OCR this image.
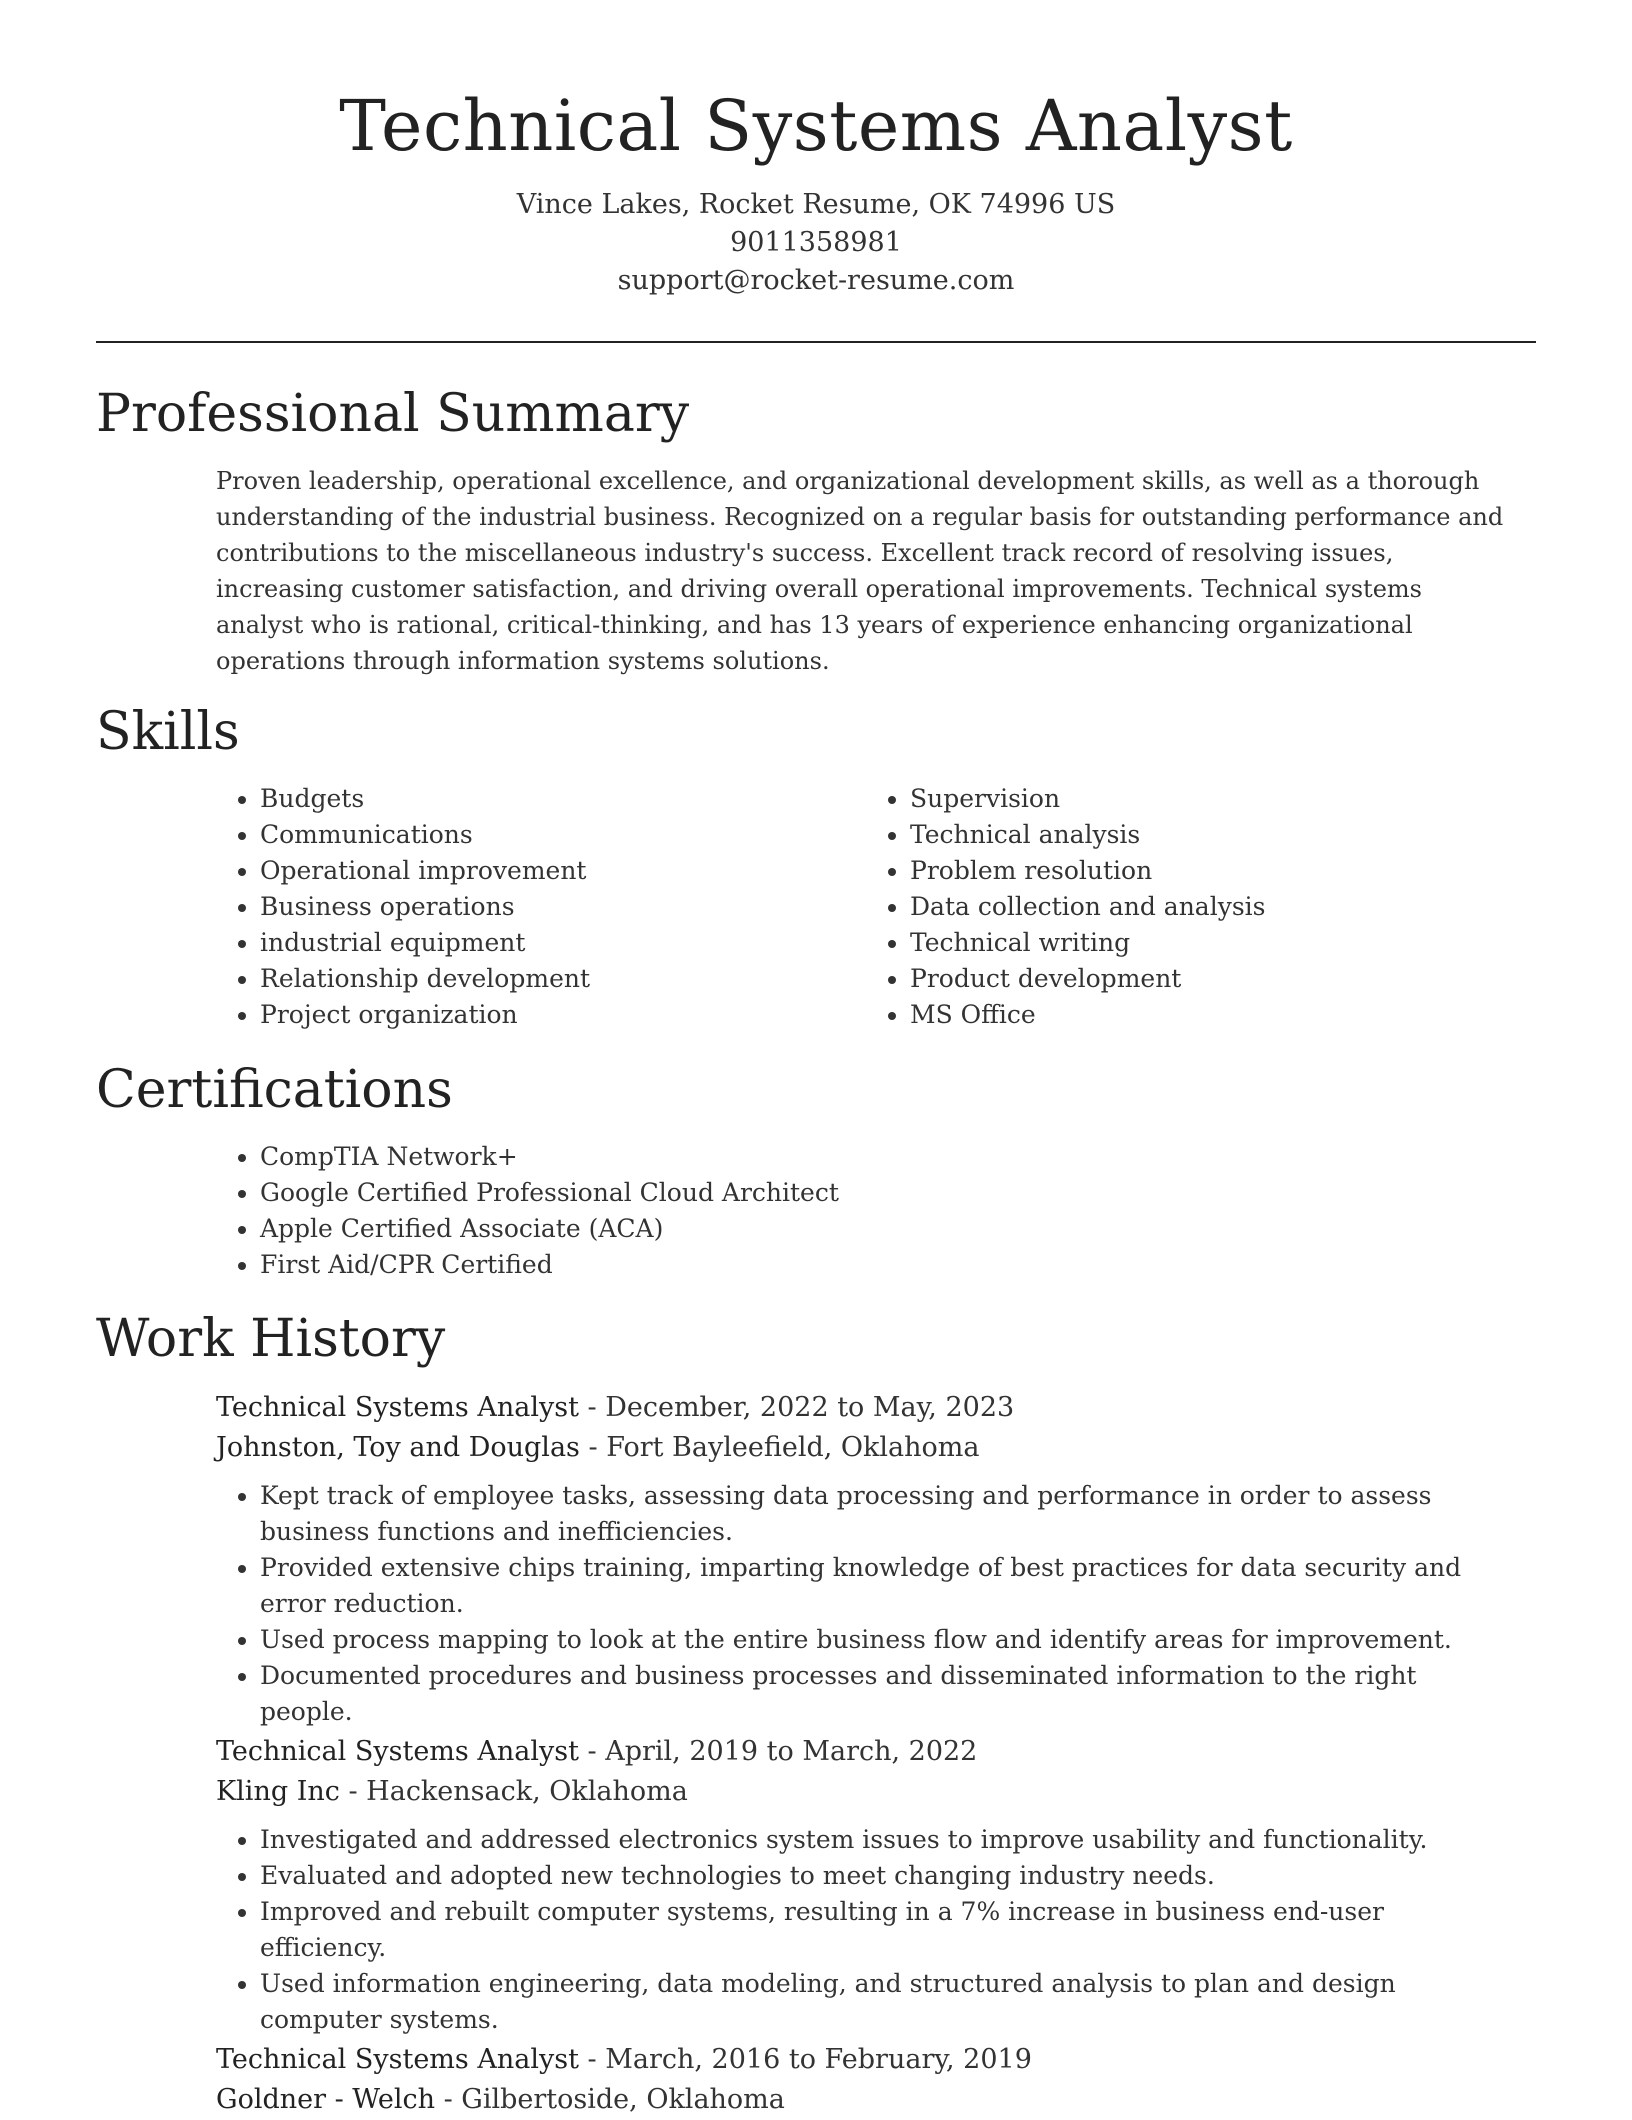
Technical Systems Analyst
Vince Lakes, Rocket Resume, OK 74996 US
9011358981
support@rocket-resume.com
Professional Summary

Proven leadership, operational excellence, and organizational development skills, as well as a thorough understanding of the industrial business. Recognized on a regular basis for outstanding performance and contributions to the miscellaneous industry's success. Excellent track record of resolving issues, increasing customer satisfaction, and driving overall operational improvements. Technical systems analyst who is rational, critical-thinking, and has 13 years of experience enhancing organizational operations through information systems solutions.

Skills
• Budgets
• Communications
• Operational improvement
• Business operations
• industrial equipment
• Relationship development
• Project organization
• Supervision
• Technical analysis
• Problem resolution
• Data collection and analysis
• Technical writing
• Product development
• MS Office
Certifications
• CompTIA Network+
• Google Certified Professional Cloud Architect
• Apple Certified Associate (ACA)
• First Aid/CPR Certified
Work History
Technical Systems Analyst - December, 2022 to May, 2023
Johnston, Toy and Douglas - Fort Bayleefield, Oklahoma
• Kept track of employee tasks, assessing data processing and performance in order to assess business functions and inefficiencies.
• Provided extensive chips training, imparting knowledge of best practices for data security and error reduction.
• Used process mapping to look at the entire business flow and identify areas for improvement.
• Documented procedures and business processes and disseminated information to the right people.
Technical Systems Analyst - April, 2019 to March, 2022
Kling Inc - Hackensack, Oklahoma
• Investigated and addressed electronics system issues to improve usability and functionality.
• Evaluated and adopted new technologies to meet changing industry needs.
• Improved and rebuilt computer systems, resulting in a 7% increase in business end-user efficiency.
• Used information engineering, data modeling, and structured analysis to plan and design computer systems.
Technical Systems Analyst - March, 2016 to February, 2019
Goldner - Welch - Gilbertoside, Oklahoma
